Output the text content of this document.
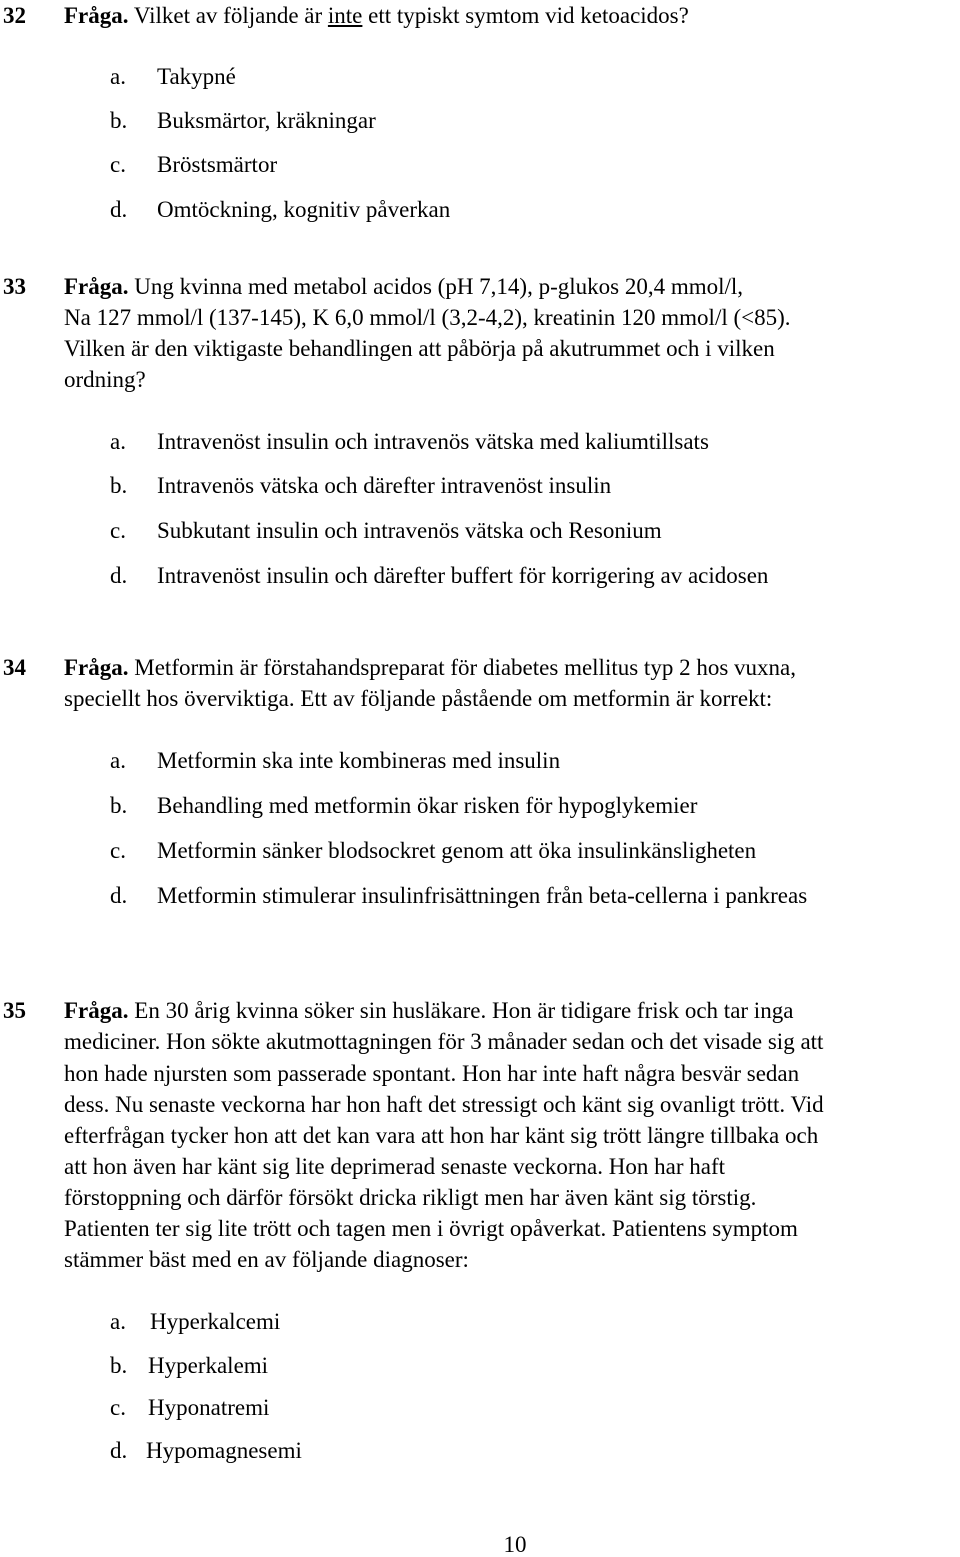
32 Fråga. Vilket av följande är inte ett typiskt symtom vid ketoacidos?
a.	Takypné
b.	Buksmärtor, kräkningar
c.	Bröstsmärtor
d.	Omtöckning, kognitiv påverkan
33 Fråga. Ung kvinna med metabol acidos (pH 7,14), p-glukos 20,4 mmol/l,
Na 127 mmol/l (137-145), K 6,0 mmol/l (3,2-4,2), kreatinin 120 mmol/l (<85).
Vilken är den viktigaste behandlingen att påbörja på akutrummet och i vilken
ordning?
a.	Intravenöst insulin och intravenös vätska med kaliumtillsats
b.	Intravenös vätska och därefter intravenöst insulin
c.	Subkutant insulin och intravenös vätska och Resonium
d.	Intravenöst insulin och därefter buffert för korrigering av acidosen
34 Fråga. Metformin är förstahandspreparat för diabetes mellitus typ 2 hos vuxna,
speciellt hos överviktiga. Ett av följande påstående om metformin är korrekt:
a.	Metformin ska inte kombineras med insulin
b.	Behandling med metformin ökar risken för hypoglykemier
c.	Metformin sänker blodsockret genom att öka insulinkänsligheten
d.	Metformin stimulerar insulinfrisättningen från beta-cellerna i pankreas
35 Fråga. En 30 årig kvinna söker sin husläkare. Hon är tidigare frisk och tar inga
mediciner. Hon sökte akutmottagningen för 3 månader sedan och det visade sig att
hon hade njursten som passerade spontant. Hon har inte haft några besvär sedan
dess. Nu senaste veckorna har hon haft det stressigt och känt sig ovanligt trött. Vid
efterfrågan tycker hon att det kan vara att hon har känt sig trött längre tillbaka och
att hon även har känt sig lite deprimerad senaste veckorna. Hon har haft
förstoppning och därför försökt dricka rikligt men har även känt sig törstig.
Patienten ter sig lite trött och tagen men i övrigt opåverkat. Patientens symptom
stämmer bäst med en av följande diagnoser:
a.	Hyperkalcemi
b. Hyperkalemi
c. Hyponatremi
d. Hypomagnesemi
10
